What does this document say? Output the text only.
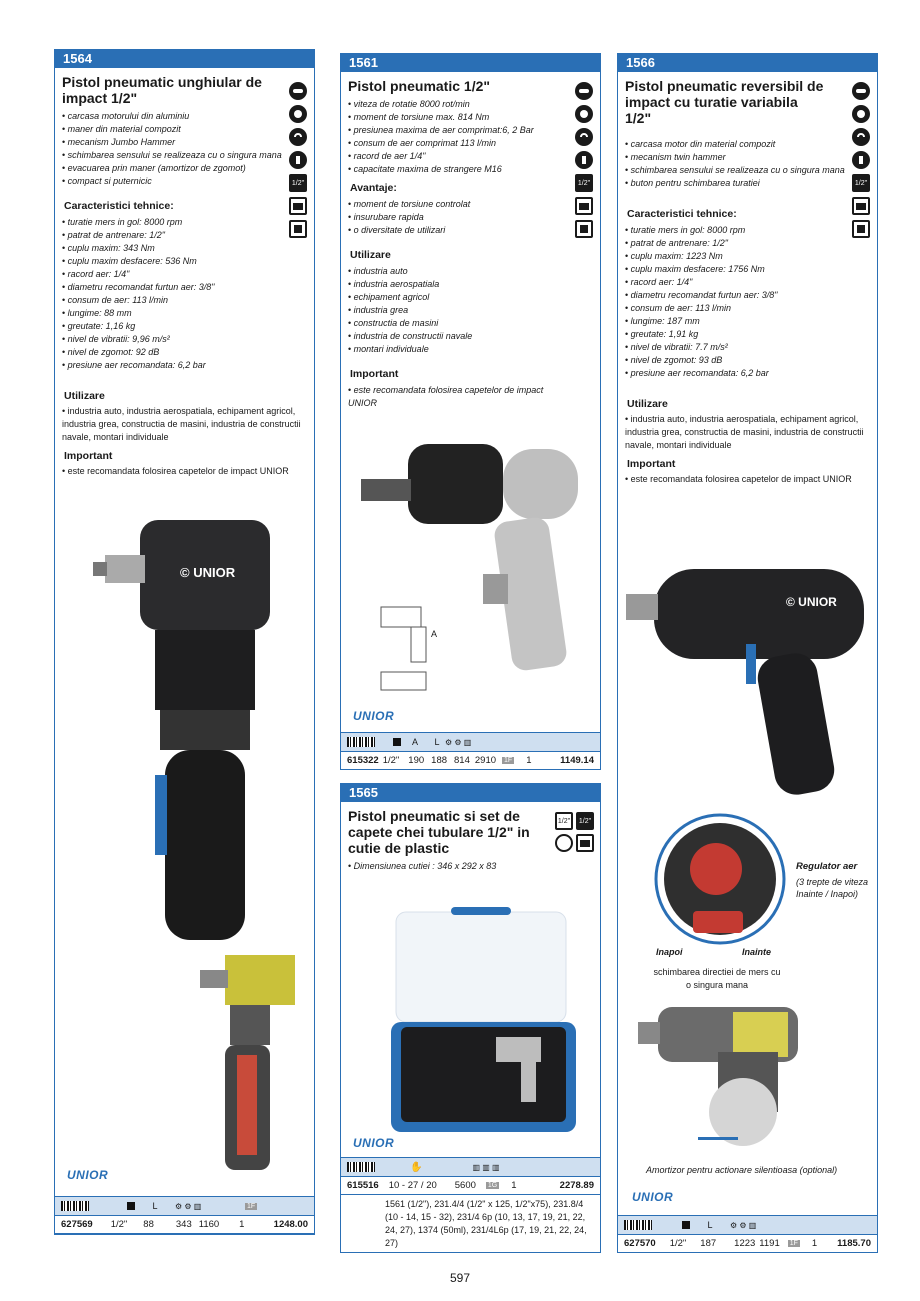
1564
Pistol pneumatic unghiular de impact 1/2"
• carcasa motorului din aluminiu
• maner din material compozit
• mecanism Jumbo Hammer
• schimbarea sensului se realizeaza cu o singura mana
• evacuarea prin maner (amortizor de zgomot)
• compact si puternicic
Caracteristici tehnice:
• turatie mers in gol: 8000 rpm
• patrat de antrenare: 1/2"
• cuplu maxim: 343 Nm
• cuplu maxim desfacere: 536 Nm
• racord aer: 1/4"
• diametru recomandat furtun aer: 3/8"
• consum de aer: 113 l/min
• lungime: 88 mm
• greutate: 1,16 kg
• nivel de vibratii: 9,96 m/s²
• nivel de zgomot: 92 dB
• presiune aer recomandata: 6,2 bar
Utilizare
• industria auto, industria aerospatiala, echipament agricol, industria grea, constructia de masini, industria de constructii navale, montari individuale
Important
• este recomandata folosirea capetelor de impact UNIOR
1/2"
© UNIOR
UNIOR
L	⚙ ⚙ ▥	1F
627569 1/2" 88 343 1160 1	1248.00
1561
Pistol pneumatic 1/2"
• viteza de rotatie 8000 rot/min
• moment de torsiune max. 814 Nm
• presiunea maxima de aer comprimat:6, 2 Bar
• consum de aer comprimat 113 l/min
• racord de aer 1/4"
• capacitate maxima de strangere M16
Avantaje:
• moment de torsiune controlat
• insurubare rapida
• o diversitate de utilizari
Utilizare
• industria auto
• industria aerospatiala
• echipament agricol
• industria grea
• constructia de masini
• industria de constructii navale
• montari individuale
Important
• este recomandata folosirea capetelor de impact UNIOR
1/2"
A
UNIOR
A	L ⚙ ⚙ ▥
615322 1/2" 190 188 814 2910 1F 1	1149.14
1565
Pistol pneumatic si set de capete chei tubulare 1/2" in cutie de plastic
• Dimensiunea cutiei : 346 x 292 x 83
1/2"	1/2"
UNIOR
✋	▥ ▥ ▥
615516 10 - 27 / 20 5600 1G 1	2278.89
1561 (1/2"), 231.4/4 (1/2" x 125, 1/2"x75), 231.8/4 (10 - 14, 15 - 32), 231/4 6p (10, 13, 17, 19, 21, 22, 24, 27), 1374 (50ml), 231/4L6p (17, 19, 21, 22, 24, 27)
1566
Pistol pneumatic reversibil de impact cu turatie variabila 1/2"
• carcasa motor din material compozit
• mecanism twin hammer
• schimbarea sensului se realizeaza cu o singura mana
• buton pentru schimbarea turatiei
Caracteristici tehnice:
• turatie mers in gol: 8000 rpm
• patrat de antrenare: 1/2"
• cuplu maxim: 1223 Nm
• cuplu maxim desfacere: 1756 Nm
• racord aer: 1/4"
• diametru recomandat furtun aer: 3/8"
• consum de aer: 113 l/min
• lungime: 187 mm
• greutate: 1,91 kg
• nivel de vibratii: 7.7 m/s²
• nivel de zgomot: 93 dB
• presiune aer recomandata: 6,2 bar
Utilizare
• industria auto, industria aerospatiala, echipament agricol, industria grea, constructia de masini, industria de constructii navale, montari individuale
Important
• este recomandata folosirea capetelor de impact UNIOR
1/2"
© UNIOR
Regulator aer
(3 trepte de viteza Inainte / Inapoi)
Inapoi	Inainte
schimbarea directiei de mers cu o singura mana
Amortizor pentru actionare silentioasa (optional)
UNIOR
L	⚙ ⚙ ▥
627570 1/2" 187 1223 1191 1F 1 1185.70
597
